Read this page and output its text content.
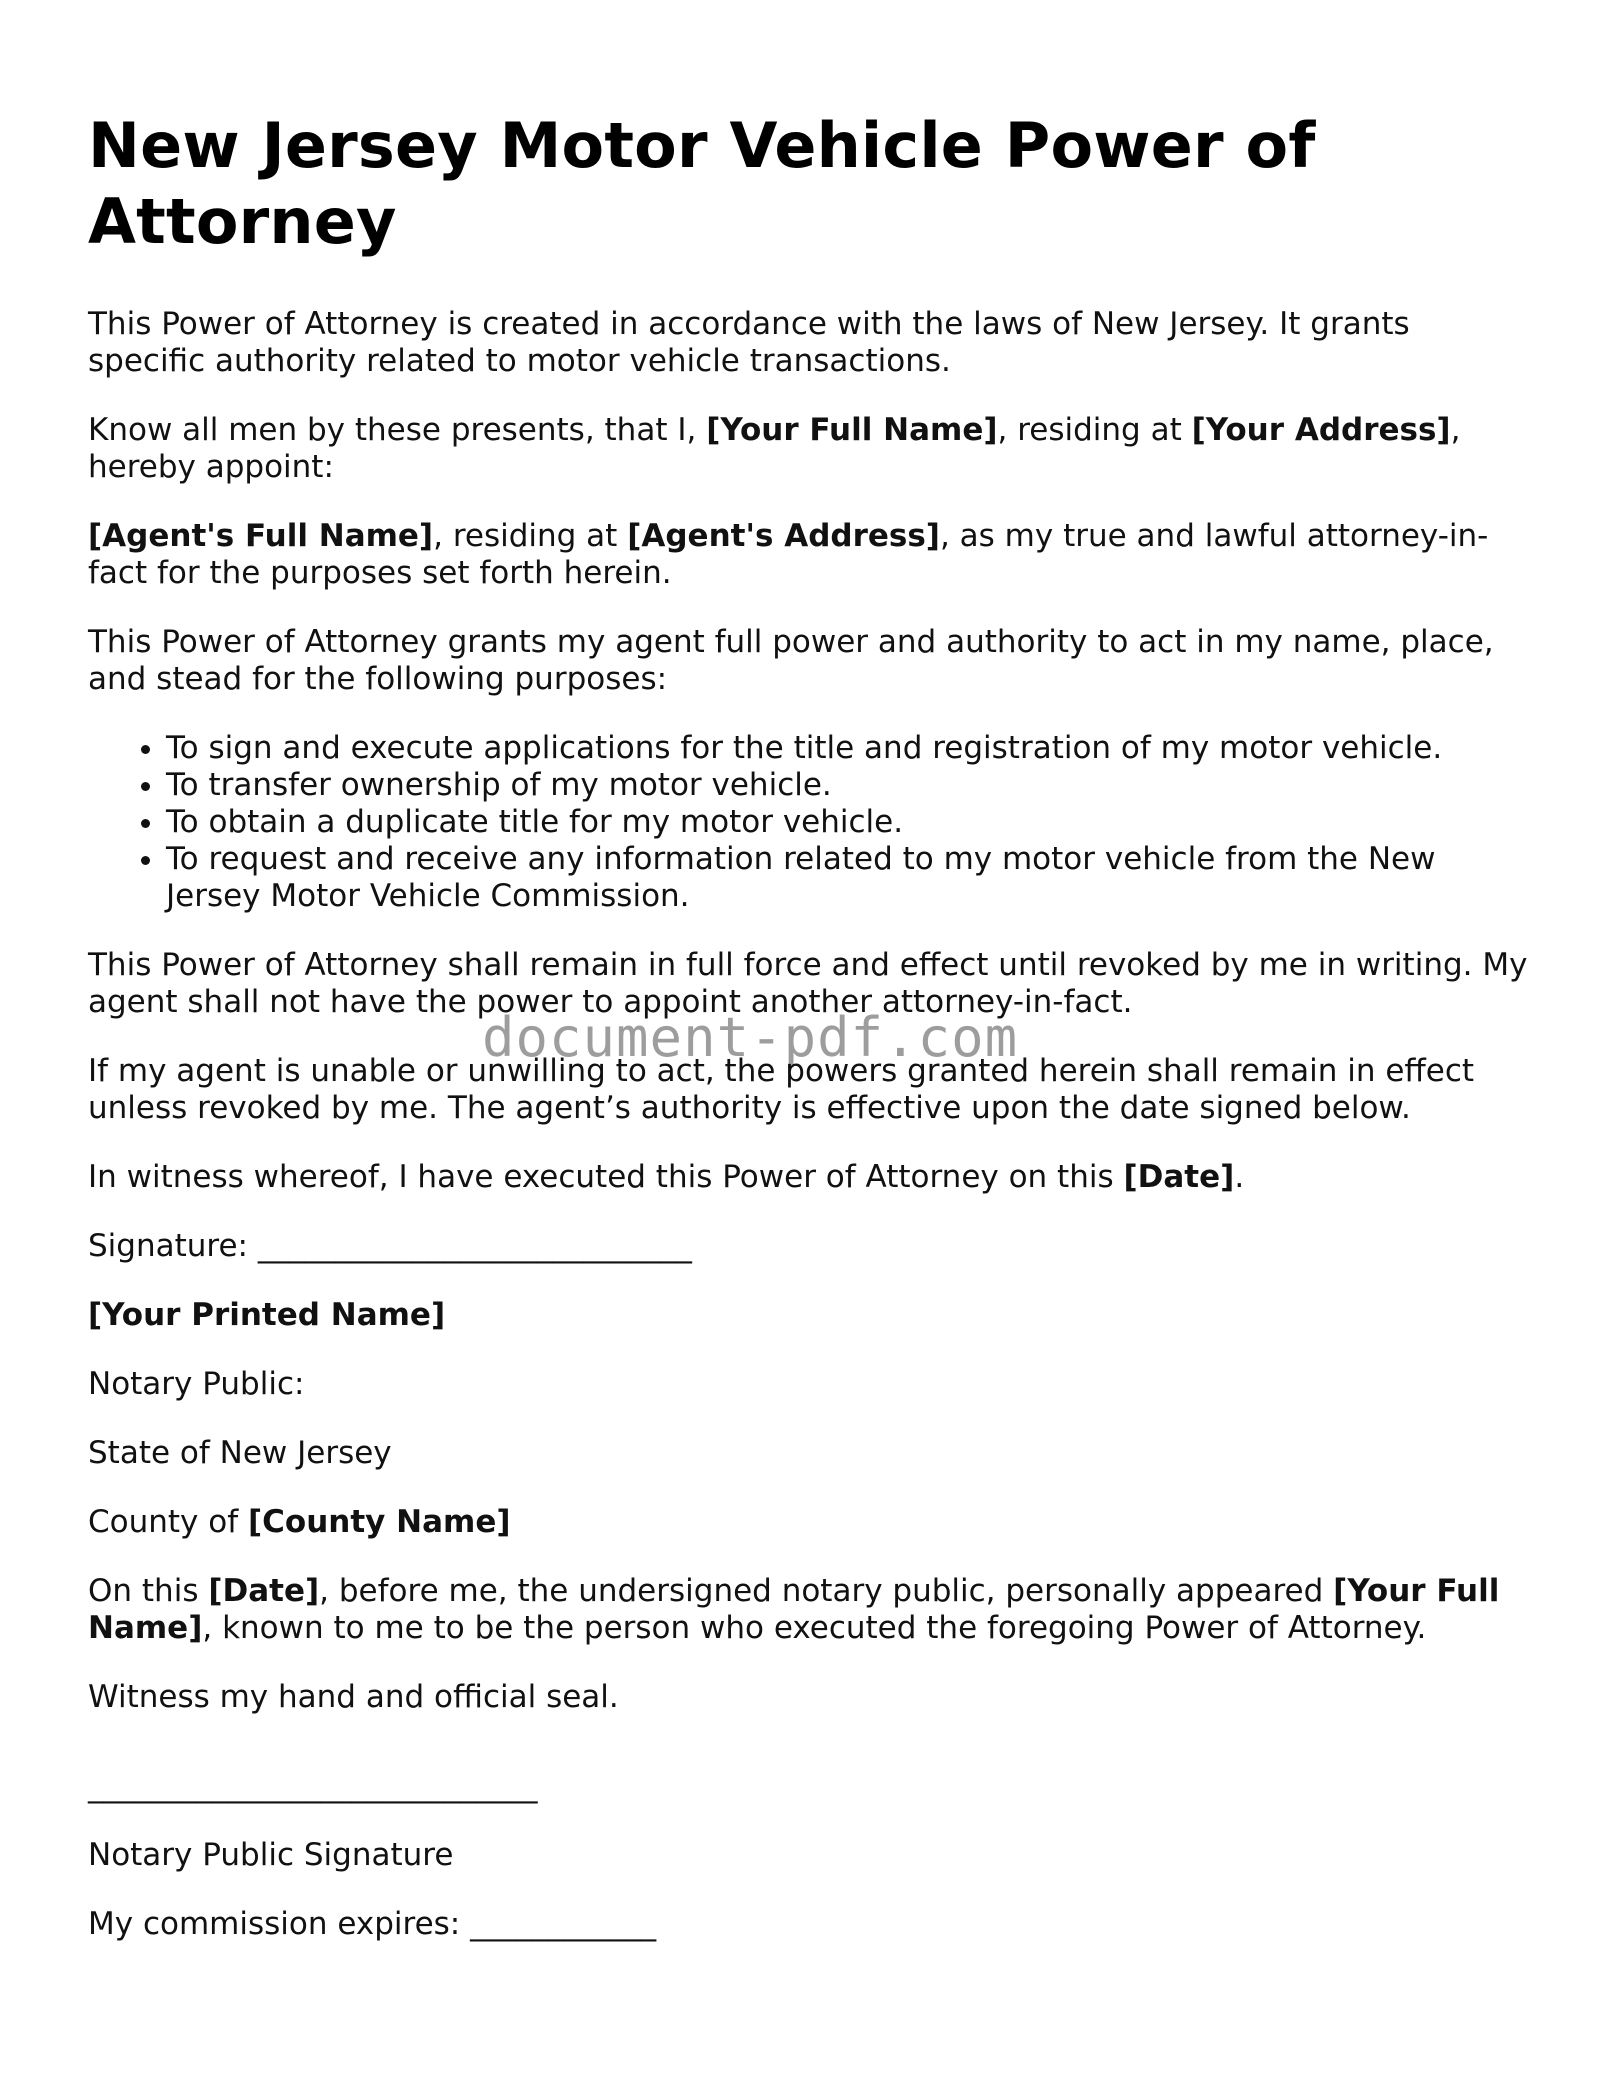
New Jersey Motor Vehicle Power of Attorney

This Power of Attorney is created in accordance with the laws of New Jersey. It grants specific authority related to motor vehicle transactions.

Know all men by these presents, that I, [Your Full Name], residing at [Your Address], hereby appoint:

[Agent's Full Name], residing at [Agent's Address], as my true and lawful attorney-in-fact for the purposes set forth herein.

This Power of Attorney grants my agent full power and authority to act in my name, place, and stead for the following purposes:

• To sign and execute applications for the title and registration of my motor vehicle.
• To transfer ownership of my motor vehicle.
• To obtain a duplicate title for my motor vehicle.
• To request and receive any information related to my motor vehicle from the New Jersey Motor Vehicle Commission.

This Power of Attorney shall remain in full force and effect until revoked by me in writing. My agent shall not have the power to appoint another attorney-in-fact.

If my agent is unable or unwilling to act, the powers granted herein shall remain in effect unless revoked by me. The agent’s authority is effective upon the date signed below.

In witness whereof, I have executed this Power of Attorney on this [Date].

Signature: ____________________________

[Your Printed Name]

Notary Public:

State of New Jersey

County of [County Name]

On this [Date], before me, the undersigned notary public, personally appeared [Your Full Name], known to me to be the person who executed the foregoing Power of Attorney.

Witness my hand and official seal.

_____________________________

Notary Public Signature

My commission expires: ____________

document-pdf.com
